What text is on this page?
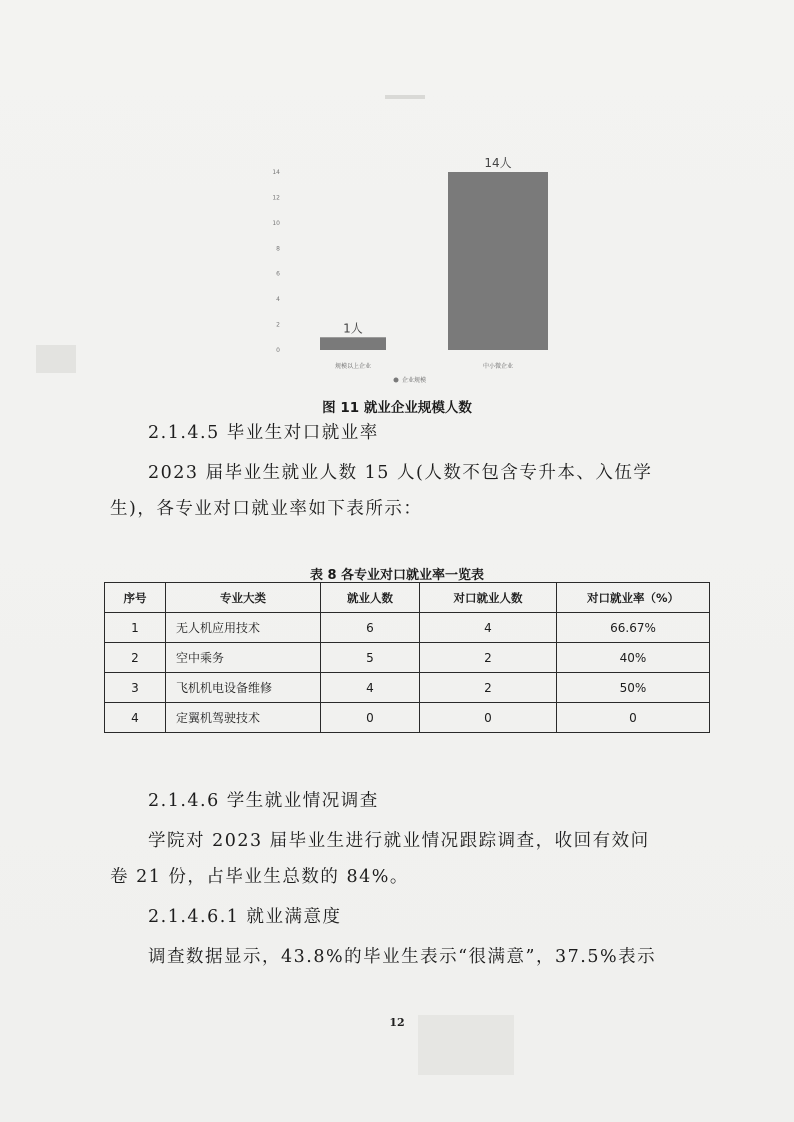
0
2
4
6
8
10
12
14
1人
规模以上企业
14人
中小微企业
企业规模
图 11 就业企业规模人数
2.1.4.5 毕业生对口就业率
2023 届毕业生就业人数 15 人(人数不包含专升本、入伍学
生)，各专业对口就业率如下表所示：
表 8 各专业对口就业率一览表
序号	专业大类	就业人数	对口就业人数	对口就业率（%）
1	无人机应用技术	6	4	66.67%
2	空中乘务	5	2	40%
3	飞机机电设备维修	4	2	50%
4	定翼机驾驶技术	0	0	0
2.1.4.6 学生就业情况调查
学院对 2023 届毕业生进行就业情况跟踪调查，收回有效问
卷 21 份，占毕业生总数的 84%。
2.1.4.6.1 就业满意度
调查数据显示，43.8%的毕业生表示“很满意”，37.5%表示
12
